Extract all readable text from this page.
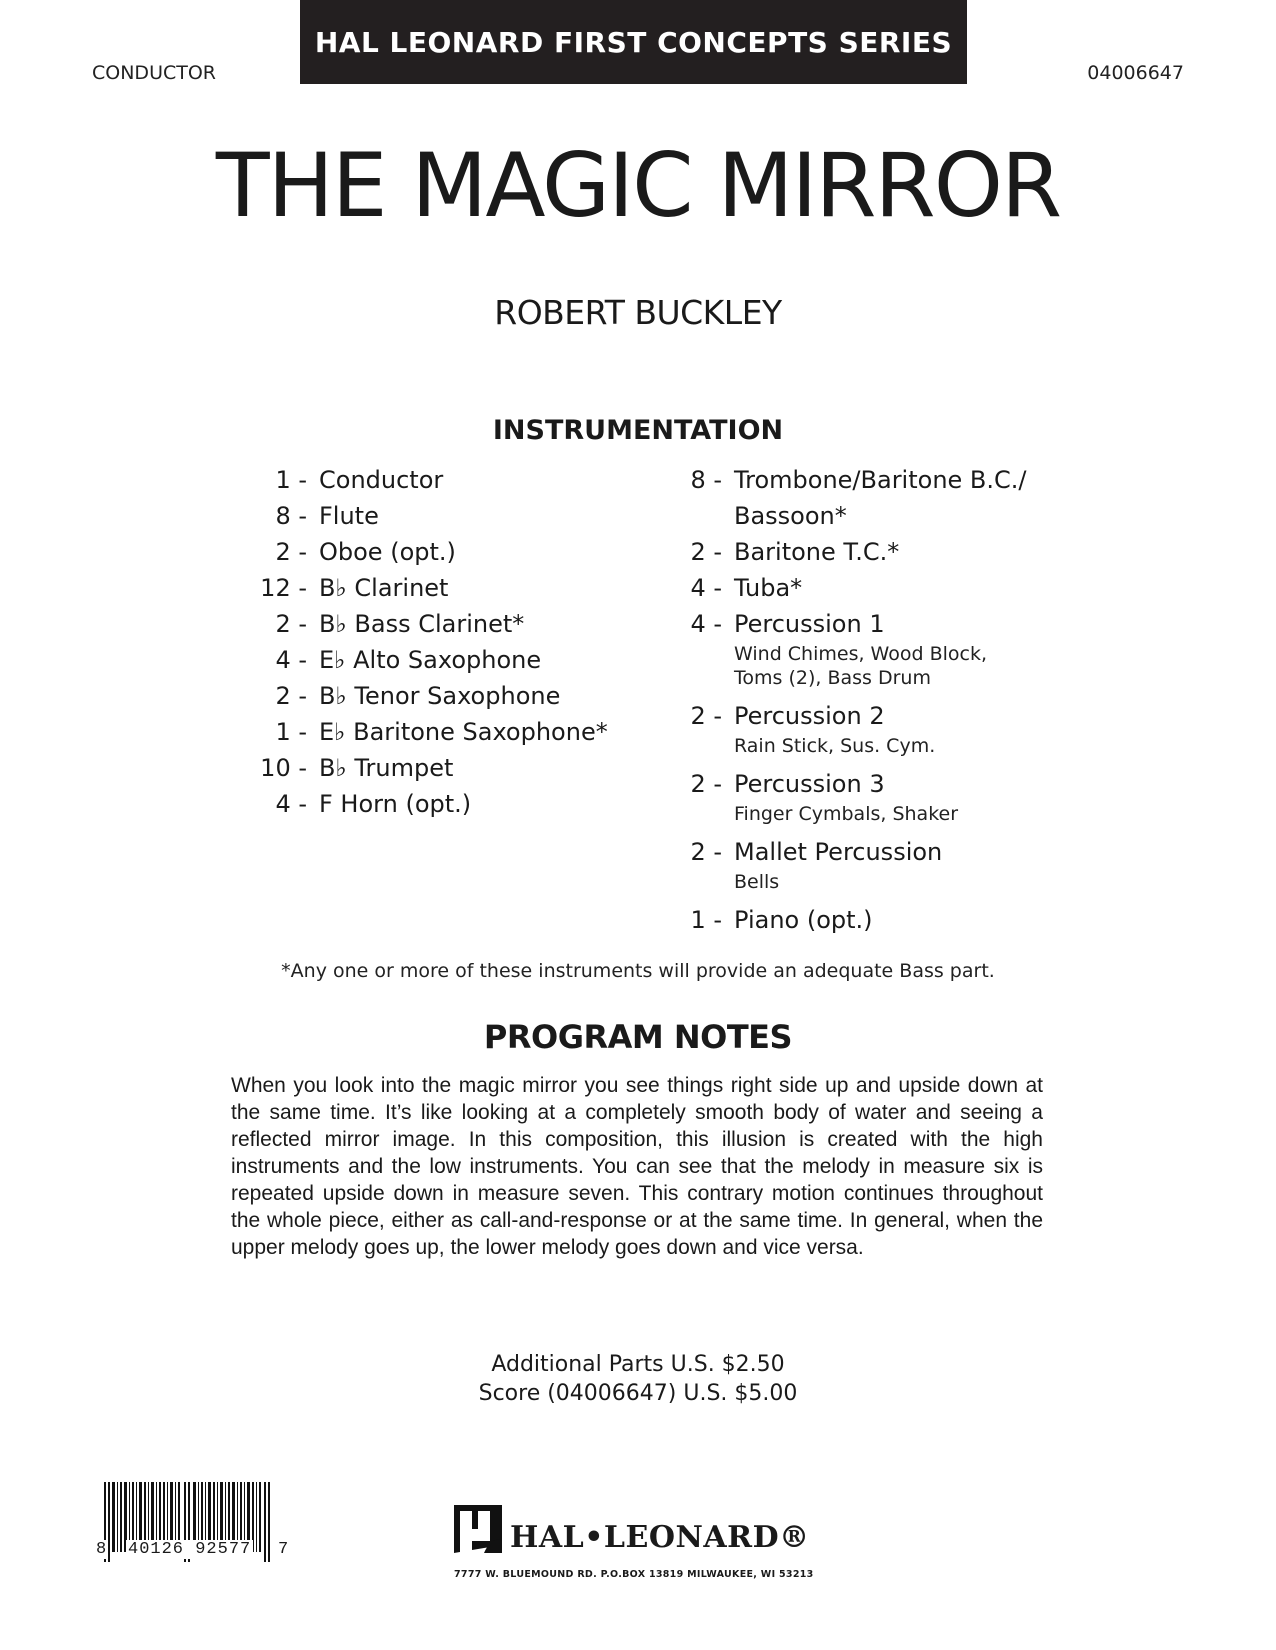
HAL LEONARD FIRST CONCEPTS SERIES
CONDUCTOR	04006647
THE MAGIC MIRROR
ROBERT BUCKLEY
INSTRUMENTATION
1 - Conductor
8 - Flute
2 - Oboe (opt.)
12 - B♭ Clarinet
2 - B♭ Bass Clarinet*
4 - E♭ Alto Saxophone
2 - B♭ Tenor Saxophone
1 - E♭ Baritone Saxophone*
10 - B♭ Trumpet
4 - F Horn (opt.)
8 - Trombone/Baritone B.C./
Bassoon*
2 - Baritone T.C.*
4 - Tuba*
4 - Percussion 1
Wind Chimes, Wood Block,
Toms (2), Bass Drum
2 - Percussion 2
Rain Stick, Sus. Cym.
2 - Percussion 3
Finger Cymbals, Shaker
2 - Mallet Percussion
Bells
1 - Piano (opt.)
*Any one or more of these instruments will provide an adequate Bass part.
PROGRAM NOTES

When you look into the magic mirror you see things right side up and upside down at the same time. It’s like looking at a completely smooth body of water and seeing a reflected mirror image. In this composition, this illusion is created with the high instruments and the low instruments. You can see that the melody in measure six is repeated upside down in measure seven. This contrary motion continues throughout the whole piece, either as call-and-response or at the same time. In general, when the upper melody goes up, the lower melody goes down and vice versa.

Additional Parts U.S. $2.50
Score (04006647) U.S. $5.00
8 40126 92577 7	HAL•LEONARD®
7777 W. BLUEMOUND RD. P.O.BOX 13819 MILWAUKEE, WI 53213
